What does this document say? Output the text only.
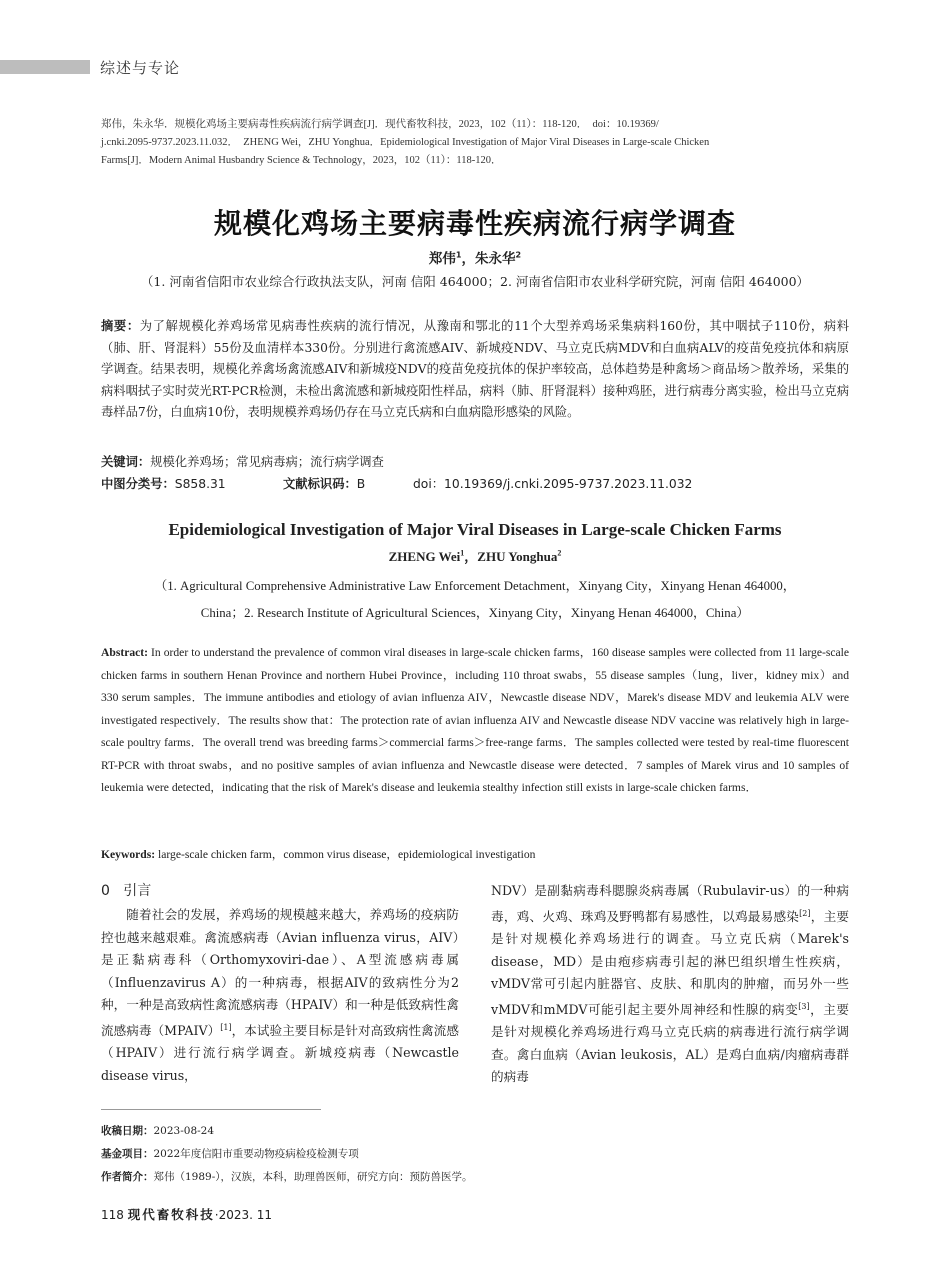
综述与专论

郑伟，朱永华．规模化鸡场主要病毒性疾病流行病学调查[J]．现代畜牧科技，2023，102（11）：118-120．　doi：10.19369/

j.cnki.2095-9737.2023.11.032．　ZHENG Wei，ZHU Yonghua．Epidemiological Investigation of Major Viral Diseases in Large-scale Chicken

Farms[J]．Modern Animal Husbandry Science & Technology，2023，102（11）：118-120．

规模化鸡场主要病毒性疾病流行病学调查
郑伟$^1$，朱永华$^2$
（1. 河南省信阳市农业综合行政执法支队，河南 信阳 464000；2. 河南省信阳市农业科学研究院，河南 信阳 464000）
摘要：为了解规模化养鸡场常见病毒性疾病的流行情况，从豫南和鄂北的11个大型养鸡场采集病料160份，其中咽拭子110份，病料（肺、肝、肾混料）55份及血清样本330份。分别进行禽流感AIV、新城疫NDV、马立克氏病MDV和白血病ALV的疫苗免疫抗体和病原学调查。结果表明，规模化养禽场禽流感AIV和新城疫NDV的疫苗免疫抗体的保护率较高，总体趋势是种禽场＞商品场＞散养场，采集的病料咽拭子实时荧光RT-PCR检测，未检出禽流感和新城疫阳性样品，病料（肺、肝肾混料）接种鸡胚，进行病毒分离实验，检出马立克病毒样品7份，白血病10份，表明规模养鸡场仍存在马立克氏病和白血病隐形感染的风险。
关键词：规模化养鸡场；常见病毒病；流行病学调查
中图分类号：S858.31	文献标识码：B	doi：10.19369/j.cnki.2095-9737.2023.11.032
Epidemiological Investigation of Major Viral Diseases in Large-scale Chicken Farms
ZHENG Wei$^1$，ZHU Yonghua$^2$
（1. Agricultural Comprehensive Administrative Law Enforcement Detachment，Xinyang City，Xinyang Henan 464000，
China；2. Research Institute of Agricultural Sciences，Xinyang City，Xinyang Henan 464000，China）
Abstract: In order to understand the prevalence of common viral diseases in large-scale chicken farms，160 disease samples were collected from 11 large-scale chicken farms in southern Henan Province and northern Hubei Province，including 110 throat swabs，55 disease samples（lung，liver，kidney mix）and 330 serum samples．The immune antibodies and etiology of avian influenza AIV，Newcastle disease NDV，Marek's disease MDV and leukemia ALV were investigated respectively．The results show that：The protection rate of avian influenza AIV and Newcastle disease NDV vaccine was relatively high in large-scale poultry farms．The overall trend was breeding farms＞commercial farms＞free-range farms．The samples collected were tested by real-time fluorescent RT-PCR with throat swabs，and no positive samples of avian influenza and Newcastle disease were detected．7 samples of Marek virus and 10 samples of leukemia were detected，indicating that the risk of Marek's disease and leukemia stealthy infection still exists in large-scale chicken farms．
Keywords: large-scale chicken farm，common virus disease，epidemiological investigation
0 引言
随着社会的发展，养鸡场的规模越来越大，养鸡场的疫病防控也越来越艰难。禽流感病毒（Avian influenza virus，AIV）是正黏病毒科（Orthomyxoviri-dae）、A型流感病毒属（Influenzavirus A）的一种病毒，根据AIV的致病性分为2种，一种是高致病性禽流感病毒（HPAIV）和一种是低致病性禽流感病毒（MPAIV）[1]，本试验主要目标是针对高致病性禽流感（HPAIV）进行流行病学调查。新城疫病毒（Newcastle disease virus，
NDV）是副黏病毒科腮腺炎病毒属（Rubulavir-us）的一种病毒，鸡、火鸡、珠鸡及野鸭都有易感性，以鸡最易感染[2]，主要是针对规模化养鸡场进行的调查。马立克氏病（Marek's disease，MD）是由疱疹病毒引起的淋巴组织增生性疾病，vMDV常可引起内脏器官、皮肤、和肌肉的肿瘤，而另外一些vMDV和mMDV可能引起主要外周神经和性腺的病变[3]，主要是针对规模化养鸡场进行鸡马立克氏病的病毒进行流行病学调查。禽白血病（Avian leukosis，AL）是鸡白血病/肉瘤病毒群的病毒

收稿日期：2023-08-24

基金项目：2022年度信阳市重要动物疫病检疫检测专项

作者简介：郑伟（1989-），汉族，本科，助理兽医师，研究方向：预防兽医学。

118 现代畜牧科技·2023. 11
